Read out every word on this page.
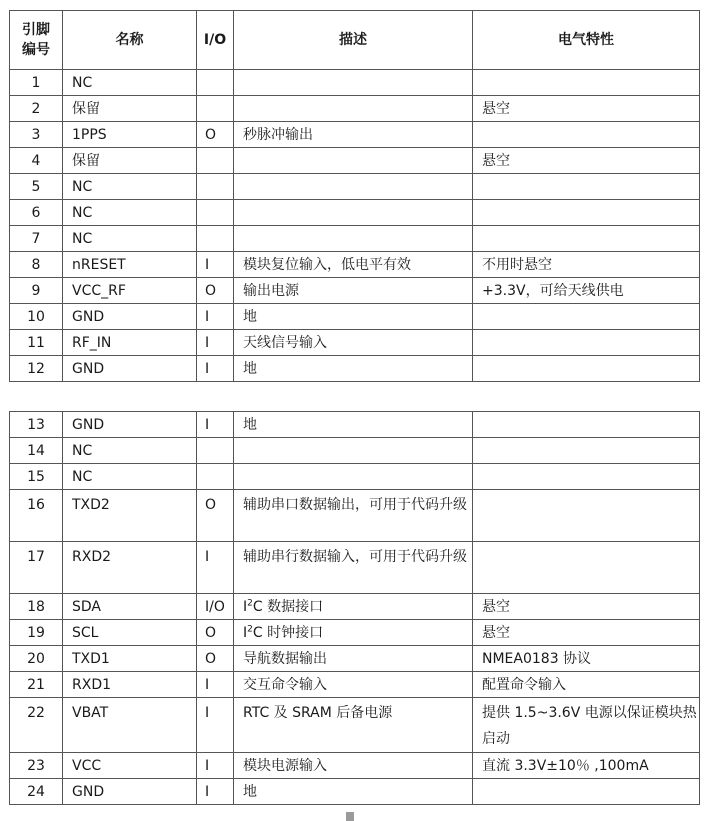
引脚
编号	名称	I/O	描述	电气特性
1	NC			
2	保留			悬空
3	1PPS	O	秒脉冲输出	
4	保留			悬空
5	NC			
6	NC			
7	NC			
8	nRESET	I	模块复位输入，低电平有效	不用时悬空
9	VCC_RF	O	输出电源	+3.3V，可给天线供电
10	GND	I	地	
11	RF_IN	I	天线信号输入	
12	GND	I	地	
13	GND	I	地	
14	NC			
15	NC			
16	TXD2	O	辅助串口数据输出，可用于代码升级	
17	RXD2	I	辅助串行数据输入，可用于代码升级	
18	SDA	I/O	$I^2C$ 数据接口	悬空
19	SCL	O	$I^2C$ 时钟接口	悬空
20	TXD1	O	导航数据输出	NMEA0183 协议
21	RXD1	I	交互命令输入	配置命令输入
22	VBAT	I	RTC 及 SRAM 后备电源	提供 1.5~3.6V 电源以保证模块热启动
23	VCC	I	模块电源输入	直流 3.3V±10％ ,100mA
24	GND	I	地	
